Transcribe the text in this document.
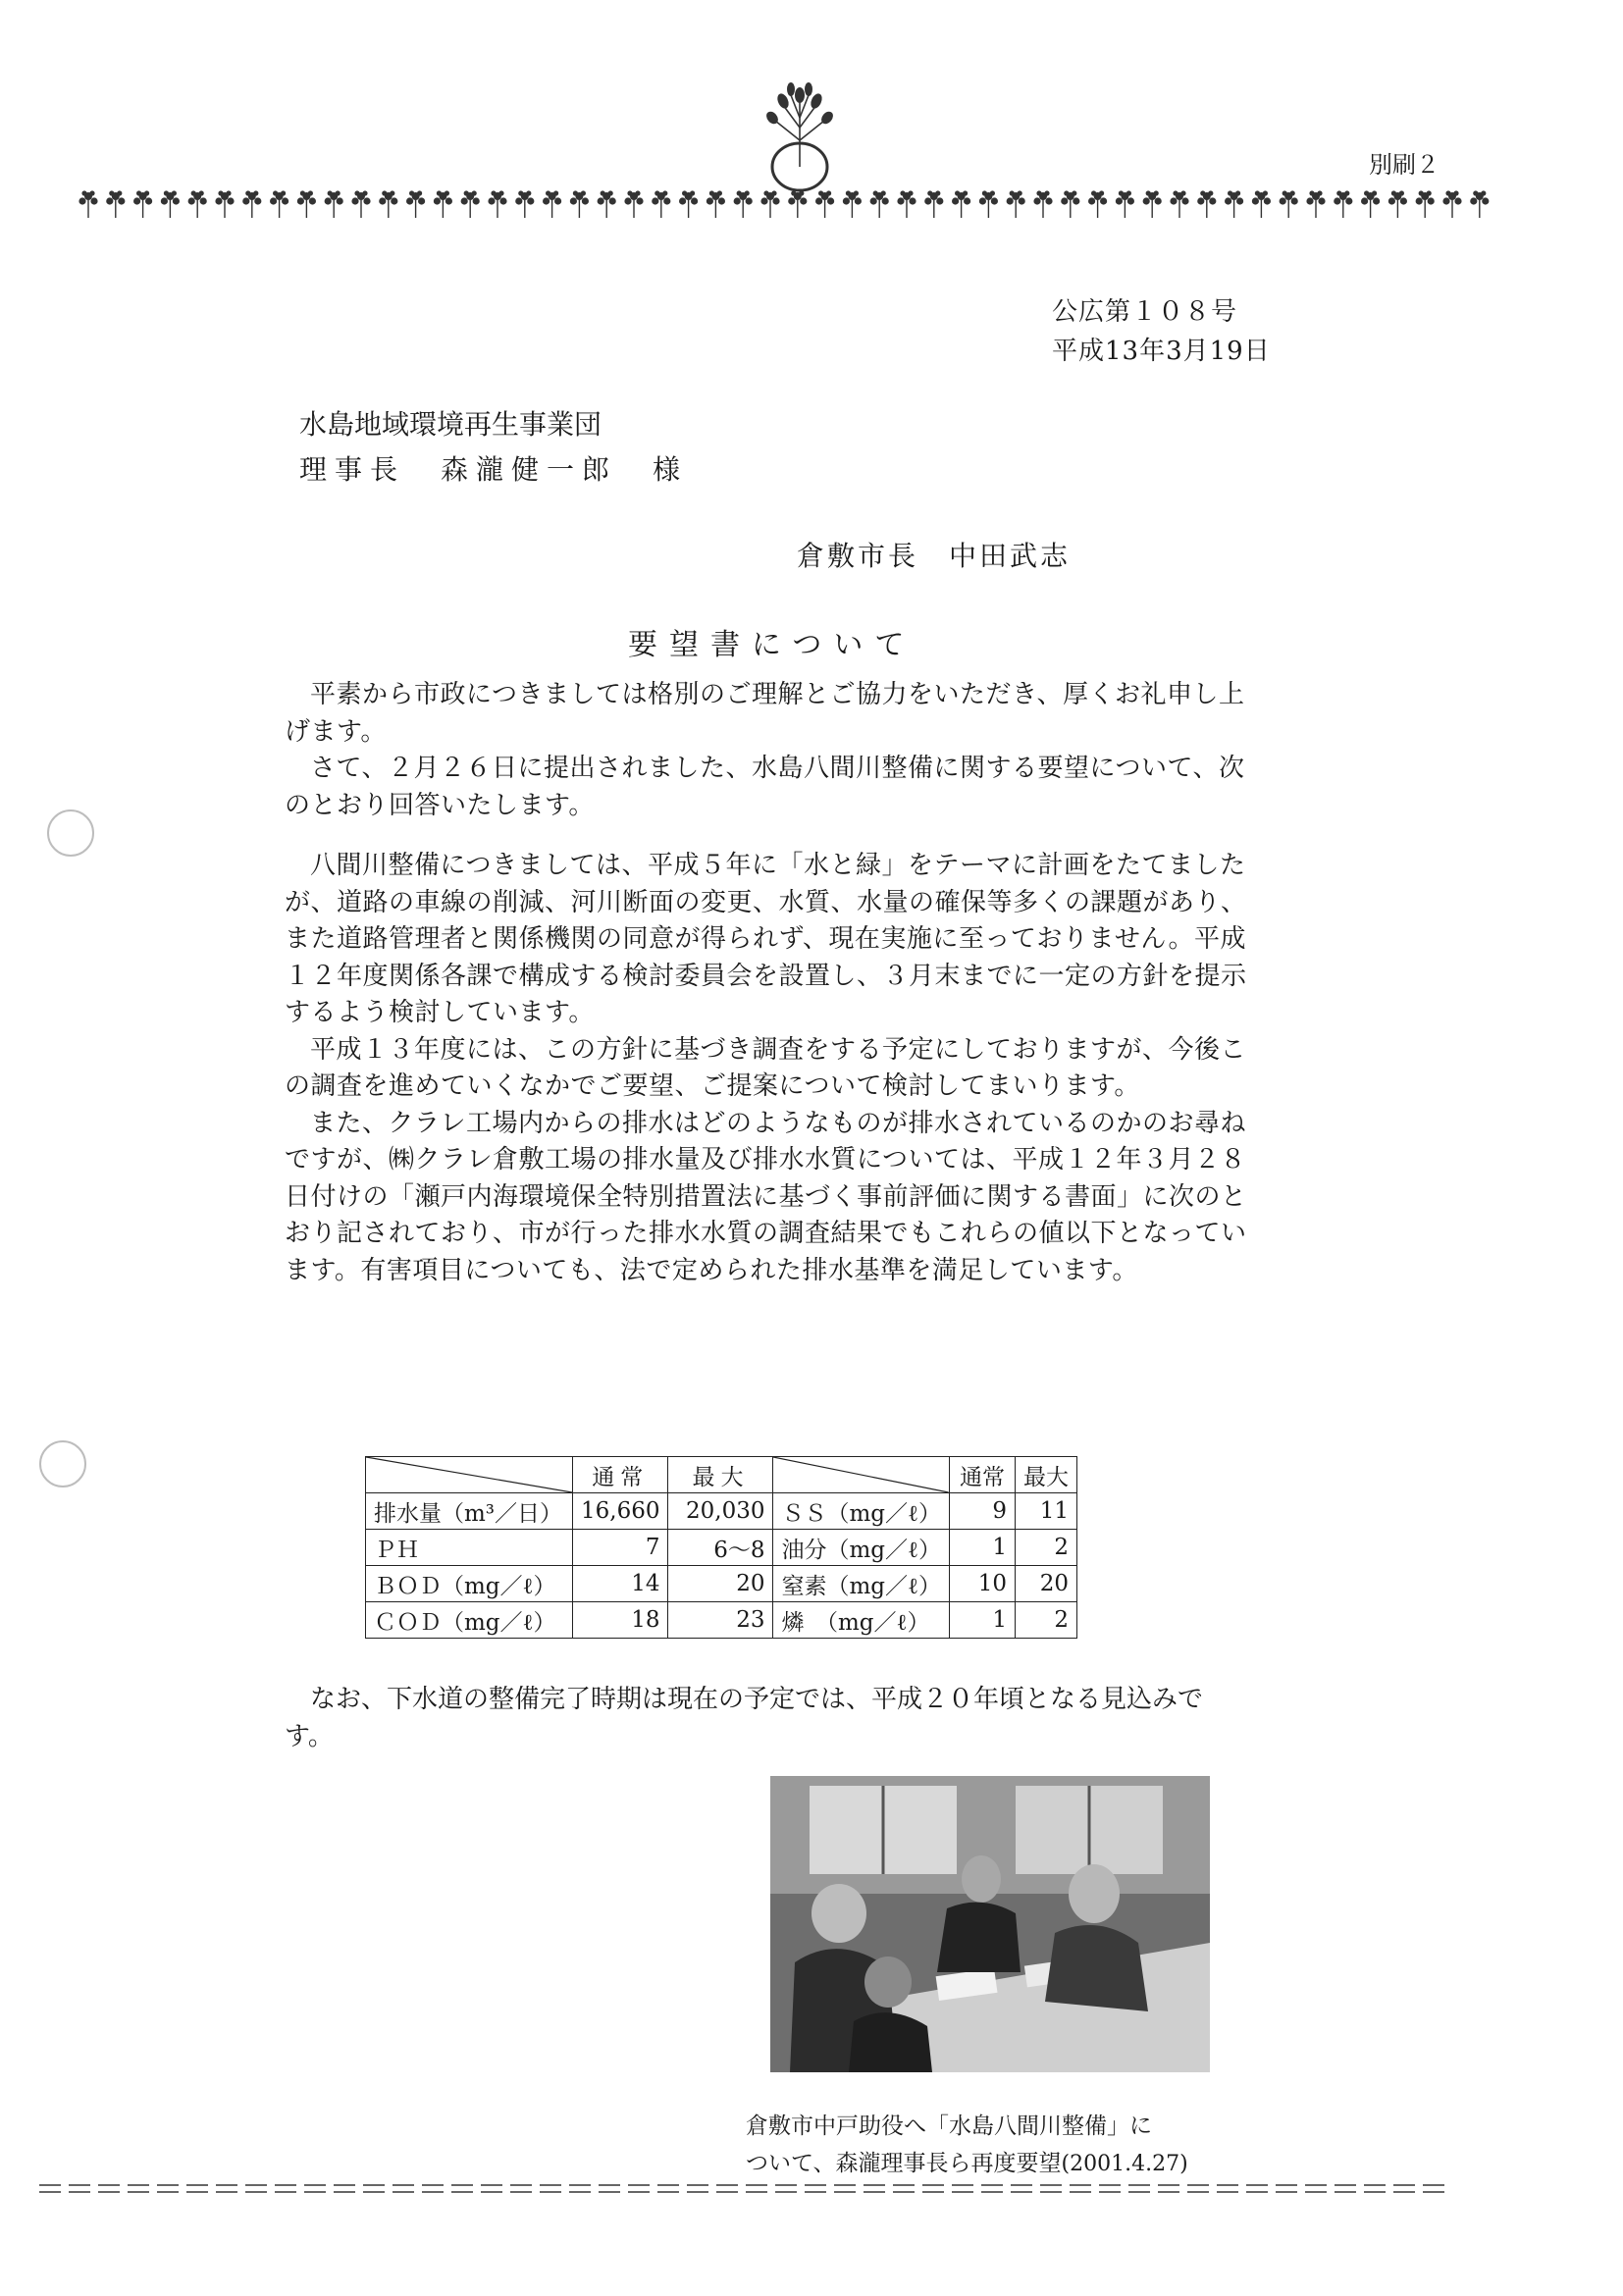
別刷２
公広第１０８号
平成13年3月19日
水島地域環境再生事業団
理事長　森瀧健一郎　様
倉敷市長　中田武志
要望書について

平素から市政につきましては格別のご理解とご協力をいただき、厚くお礼申し上げます。

さて、２月２６日に提出されました、水島八間川整備に関する要望について、次のとおり回答いたします。

八間川整備につきましては、平成５年に「水と緑」をテーマに計画をたてましたが、道路の車線の削減、河川断面の変更、水質、水量の確保等多くの課題があり、また道路管理者と関係機関の同意が得られず、現在実施に至っておりません。平成１２年度関係各課で構成する検討委員会を設置し、３月末までに一定の方針を提示するよう検討しています。

平成１３年度には、この方針に基づき調査をする予定にしておりますが、今後この調査を進めていくなかでご要望、ご提案について検討してまいります。

また、クラレ工場内からの排水はどのようなものが排水されているのかのお尋ねですが、㈱クラレ倉敷工場の排水量及び排水水質については、平成１２年３月２８日付けの「瀬戸内海環境保全特別措置法に基づく事前評価に関する書面」に次のとおり記されており、市が行った排水水質の調査結果でもこれらの値以下となっています。有害項目についても、法で定められた排水基準を満足しています。

	通常	最大		通常	最大
排水量（m³／日）	16,660	20,030	ＳＳ（mg／ℓ）	9	11
ＰＨ	7	6〜8	油分（mg／ℓ）	1	2
ＢＯＤ（mg／ℓ）	14	20	窒素（mg／ℓ）	10	20
ＣＯＤ（mg／ℓ）	18	23	燐　（mg／ℓ）	1	2

なお、下水道の整備完了時期は現在の予定では、平成２０年頃となる見込みです。

倉敷市中戸助役へ「水島八間川整備」に
ついて、森瀧理事長ら再度要望(2001.4.27)
